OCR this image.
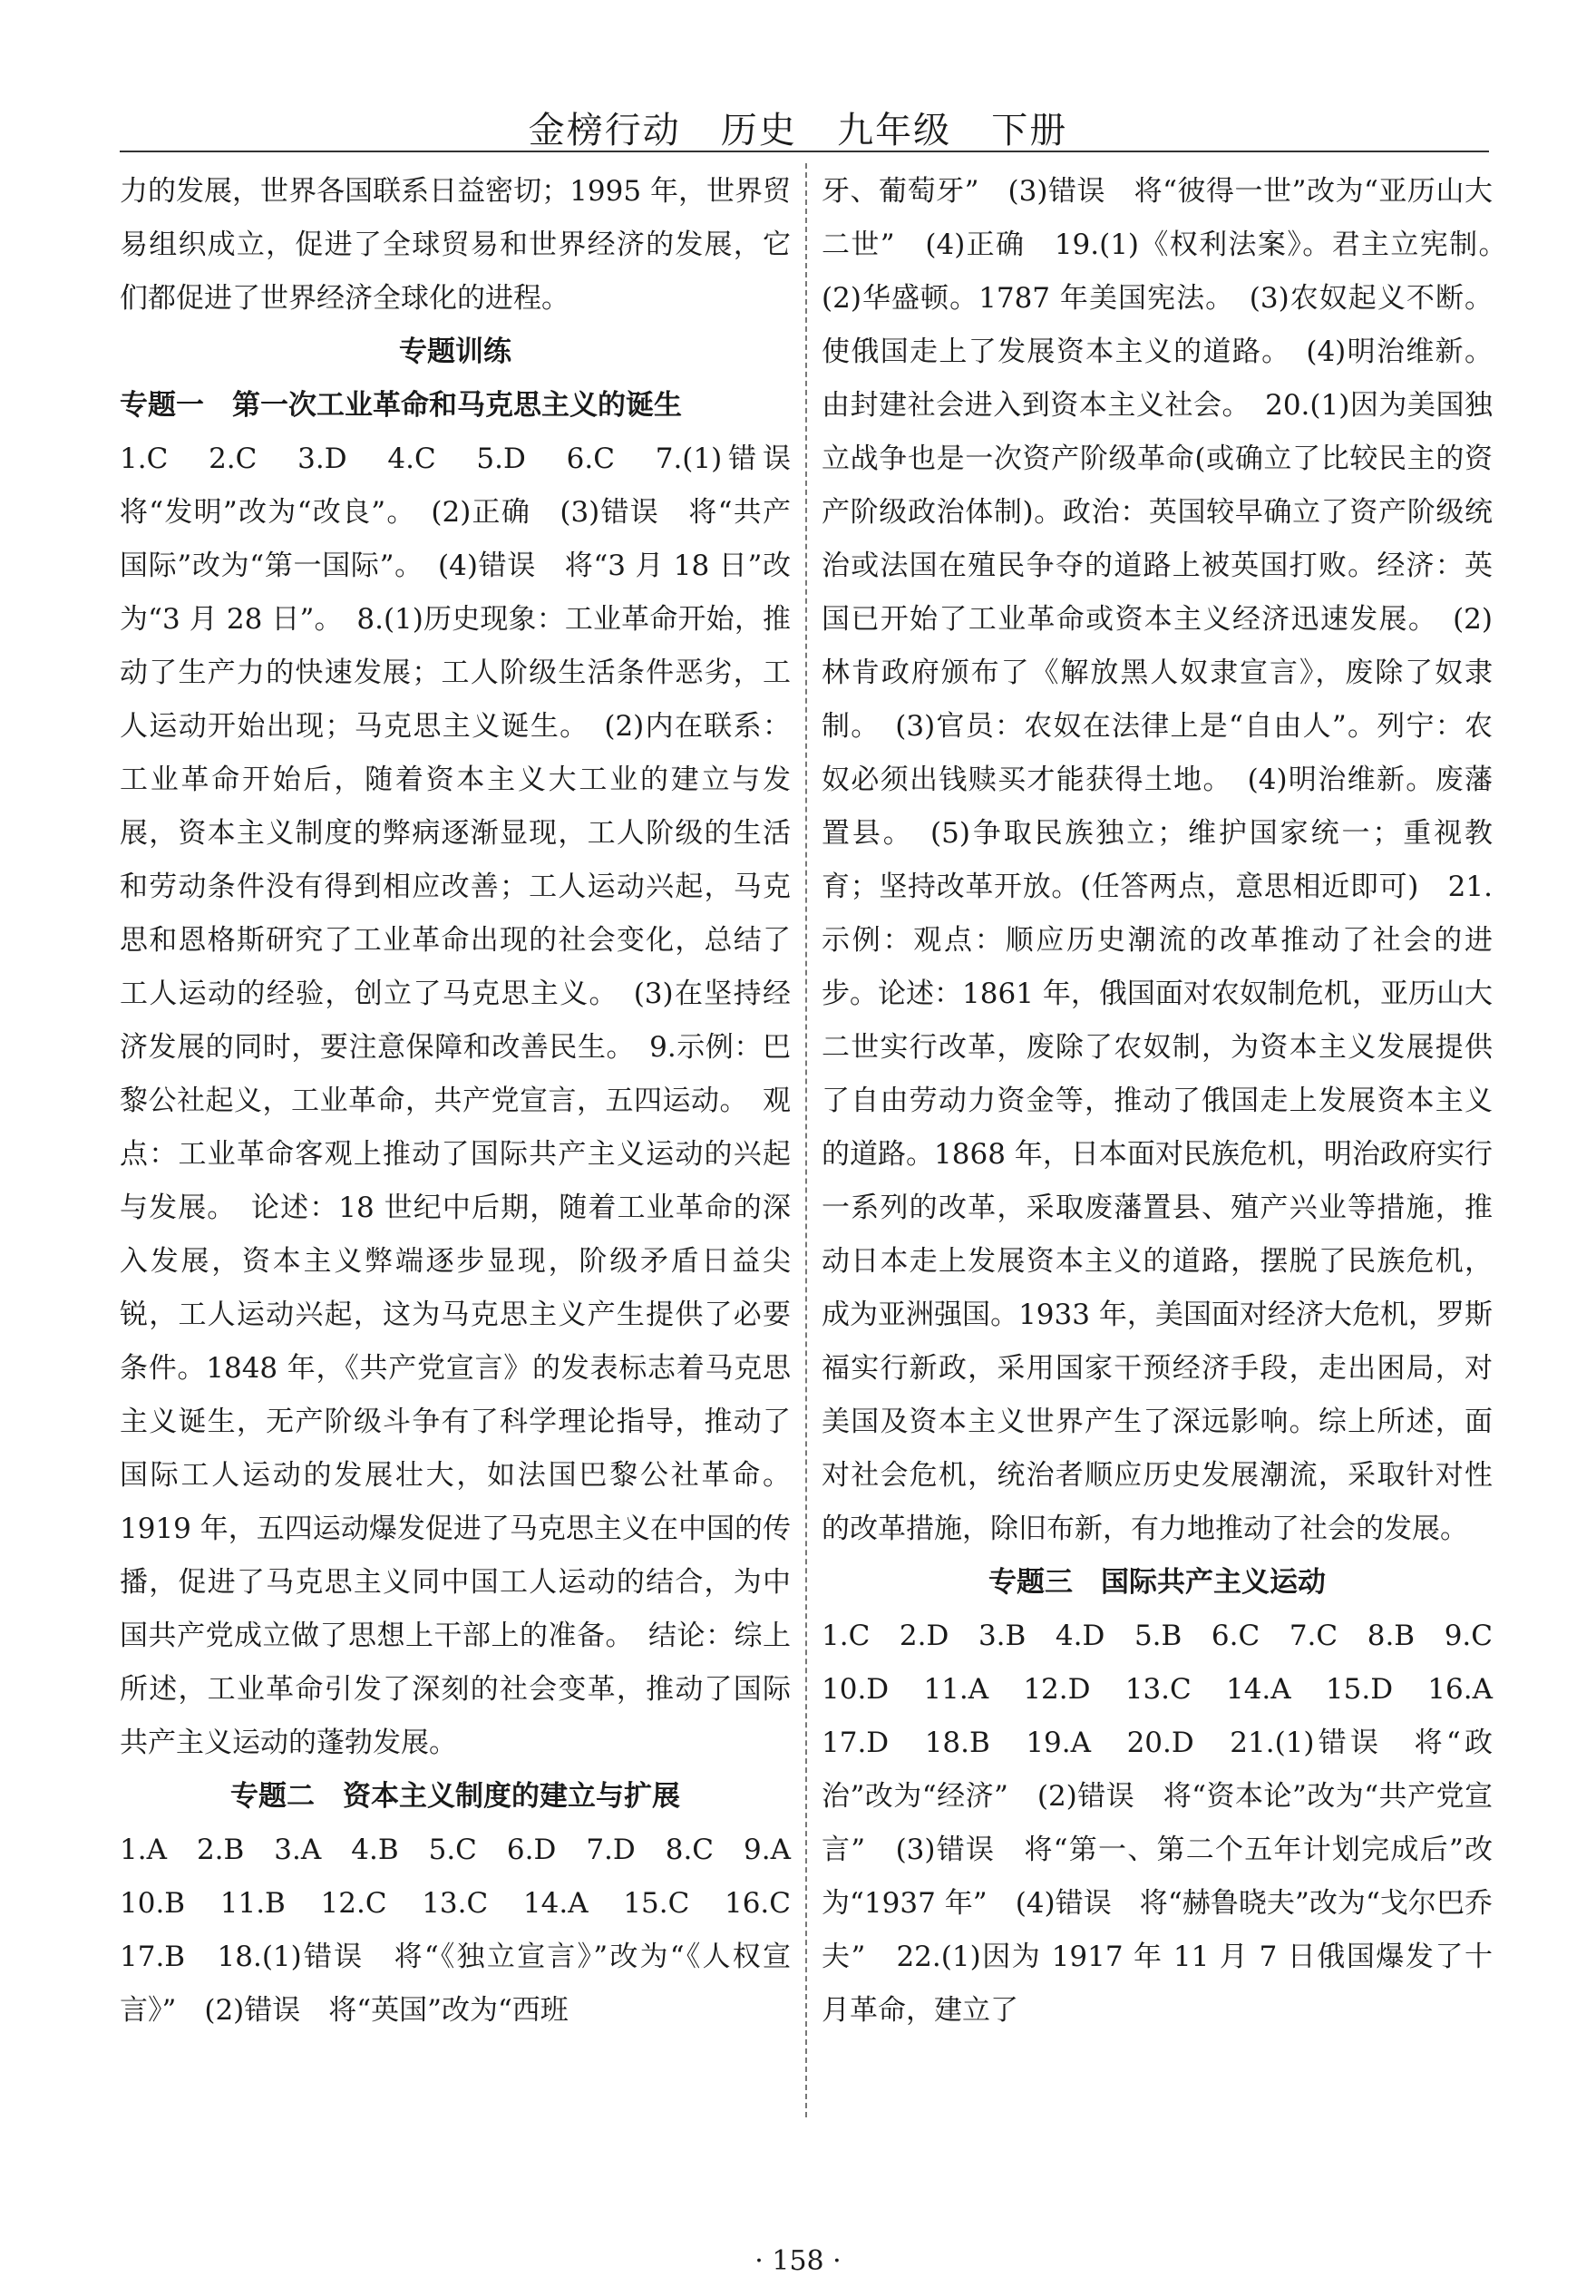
金榜行动 历史 九年级 下册

力的发展，世界各国联系日益密切；1995 年，世界贸易组织成立，促进了全球贸易和世界经济的发展，它们都促进了世界经济全球化的进程。

专题训练

专题一　第一次工业革命和马克思主义的诞生

1.C　2.C　3.D　4.C　5.D　6.C　7.(1)错误　将“发明”改为“改良”。　(2)正确　(3)错误　将“共产国际”改为“第一国际”。　(4)错误　将“3 月 18 日”改为“3 月 28 日”。　8.(1)历史现象：工业革命开始，推动了生产力的快速发展；工人阶级生活条件恶劣，工人运动开始出现；马克思主义诞生。　(2)内在联系：工业革命开始后，随着资本主义大工业的建立与发展，资本主义制度的弊病逐渐显现，工人阶级的生活和劳动条件没有得到相应改善；工人运动兴起，马克思和恩格斯研究了工业革命出现的社会变化，总结了工人运动的经验，创立了马克思主义。　(3)在坚持经济发展的同时，要注意保障和改善民生。　9.示例：巴黎公社起义，工业革命，共产党宣言，五四运动。　观点：工业革命客观上推动了国际共产主义运动的兴起与发展。　论述：18 世纪中后期，随着工业革命的深入发展，资本主义弊端逐步显现，阶级矛盾日益尖锐，工人运动兴起，这为马克思主义产生提供了必要条件。1848 年，《共产党宣言》的发表标志着马克思主义诞生，无产阶级斗争有了科学理论指导，推动了国际工人运动的发展壮大，如法国巴黎公社革命。1919 年，五四运动爆发促进了马克思主义在中国的传播，促进了马克思主义同中国工人运动的结合，为中国共产党成立做了思想上干部上的准备。　结论：综上所述，工业革命引发了深刻的社会变革，推动了国际共产主义运动的蓬勃发展。

专题二　资本主义制度的建立与扩展

1.A　2.B　3.A　4.B　5.C　6.D　7.D　8.C　9.A　10.B　11.B　12.C　13.C　14.A　15.C　16.C　17.B　18.(1)错误　将“《独立宣言》”改为“《人权宣言》”　(2)错误　将“英国”改为“西班

牙、葡萄牙”　(3)错误　将“彼得一世”改为“亚历山大二世”　(4)正确　19.(1)《权利法案》。君主立宪制。　(2)华盛顿。1787 年美国宪法。　(3)农奴起义不断。使俄国走上了发展资本主义的道路。　(4)明治维新。由封建社会进入到资本主义社会。　20.(1)因为美国独立战争也是一次资产阶级革命(或确立了比较民主的资产阶级政治体制)。政治：英国较早确立了资产阶级统治或法国在殖民争夺的道路上被英国打败。经济：英国已开始了工业革命或资本主义经济迅速发展。　(2)林肯政府颁布了《解放黑人奴隶宣言》，废除了奴隶制。　(3)官员：农奴在法律上是“自由人”。列宁：农奴必须出钱赎买才能获得土地。　(4)明治维新。废藩置县。　(5)争取民族独立；维护国家统一；重视教育；坚持改革开放。(任答两点，意思相近即可)　21.示例：观点：顺应历史潮流的改革推动了社会的进步。论述：1861 年，俄国面对农奴制危机，亚历山大二世实行改革，废除了农奴制，为资本主义发展提供了自由劳动力资金等，推动了俄国走上发展资本主义的道路。1868 年，日本面对民族危机，明治政府实行一系列的改革，采取废藩置县、殖产兴业等措施，推动日本走上发展资本主义的道路，摆脱了民族危机，成为亚洲强国。1933 年，美国面对经济大危机，罗斯福实行新政，采用国家干预经济手段，走出困局，对美国及资本主义世界产生了深远影响。综上所述，面对社会危机，统治者顺应历史发展潮流，采取针对性的改革措施，除旧布新，有力地推动了社会的发展。

专题三　国际共产主义运动

1.C　2.D　3.B　4.D　5.B　6.C　7.C　8.B　9.C　10.D　11.A　12.D　13.C　14.A　15.D　16.A　17.D　18.B　19.A　20.D　21.(1)错误　将“政治”改为“经济”　(2)错误　将“资本论”改为“共产党宣言”　(3)错误　将“第一、第二个五年计划完成后”改为“1937 年”　(4)错误　将“赫鲁晓夫”改为“戈尔巴乔夫”　22.(1)因为 1917 年 11 月 7 日俄国爆发了十月革命，建立了

· 158 ·
